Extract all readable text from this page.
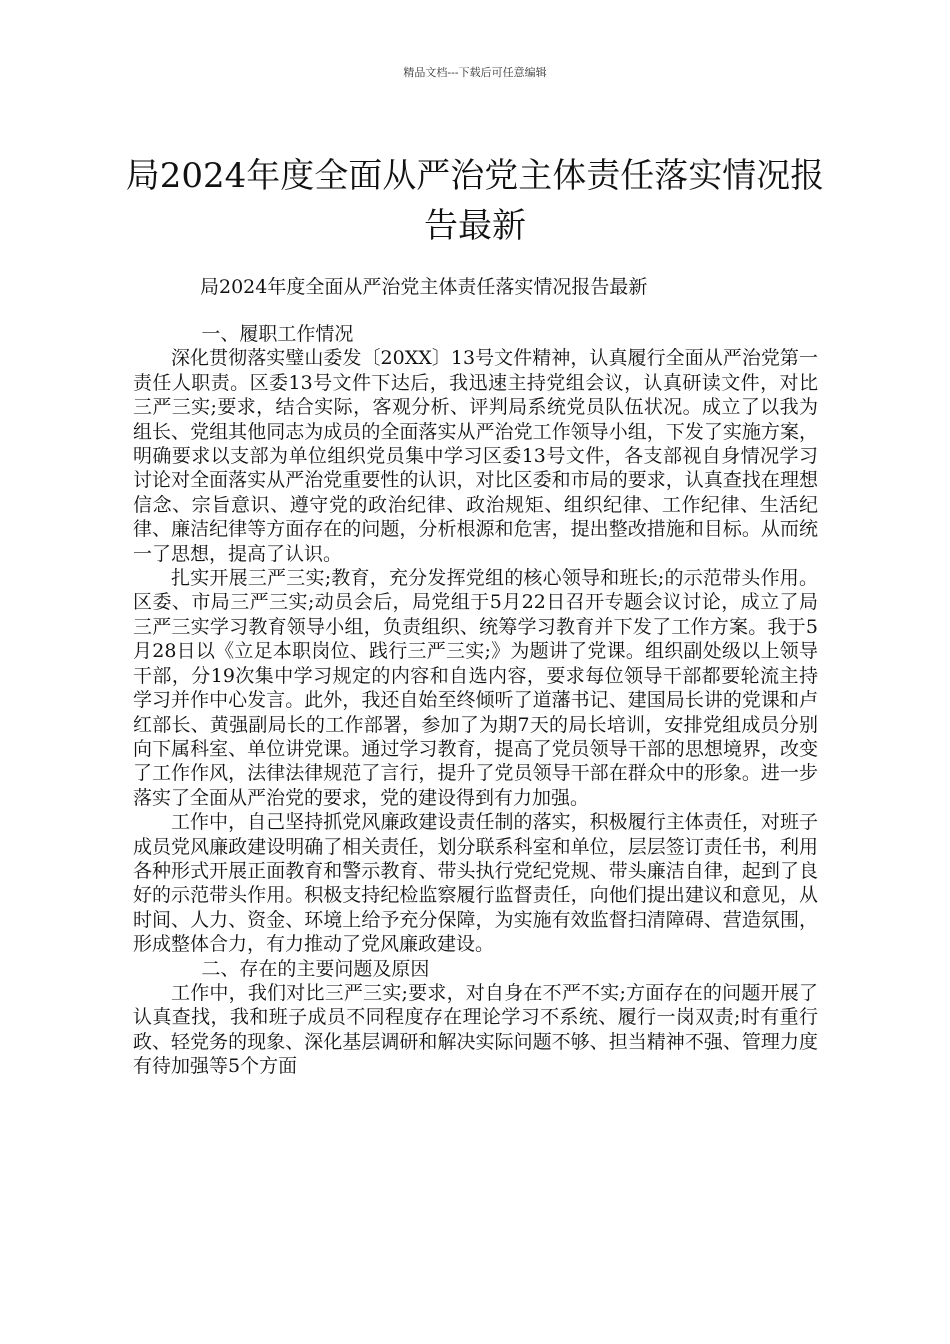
精品文档---下载后可任意编辑
局2024年度全面从严治党主体责任落实情况报告最新
局2024年度全面从严治党主体责任落实情况报告最新

一、履职工作情况

深化贯彻落实璧山委发〔20XX〕13号文件精神，认真履行全面从严治党第一责任人职责。区委13号文件下达后，我迅速主持党组会议，认真研读文件，对比三严三实;要求，结合实际，客观分析、评判局系统党员队伍状况。成立了以我为组长、党组其他同志为成员的全面落实从严治党工作领导小组，下发了实施方案，明确要求以支部为单位组织党员集中学习区委13号文件，各支部视自身情况学习讨论对全面落实从严治党重要性的认识，对比区委和市局的要求，认真查找在理想信念、宗旨意识、遵守党的政治纪律、政治规矩、组织纪律、工作纪律、生活纪律、廉洁纪律等方面存在的问题，分析根源和危害，提出整改措施和目标。从而统一了思想，提高了认识。

扎实开展三严三实;教育，充分发挥党组的核心领导和班长;的示范带头作用。区委、市局三严三实;动员会后，局党组于5月22日召开专题会议讨论，成立了局三严三实学习教育领导小组，负责组织、统筹学习教育并下发了工作方案。我于5月28日以《立足本职岗位、践行三严三实;》为题讲了党课。组织副处级以上领导干部，分19次集中学习规定的内容和自选内容，要求每位领导干部都要轮流主持学习并作中心发言。此外，我还自始至终倾听了道藩书记、建国局长讲的党课和卢红部长、黄强副局长的工作部署，参加了为期7天的局长培训，安排党组成员分别向下属科室、单位讲党课。通过学习教育，提高了党员领导干部的思想境界，改变了工作作风，法律法律规范了言行，提升了党员领导干部在群众中的形象。进一步落实了全面从严治党的要求，党的建设得到有力加强。

工作中，自己坚持抓党风廉政建设责任制的落实，积极履行主体责任，对班子成员党风廉政建设明确了相关责任，划分联系科室和单位，层层签订责任书，利用各种形式开展正面教育和警示教育、带头执行党纪党规、带头廉洁自律，起到了良好的示范带头作用。积极支持纪检监察履行监督责任，向他们提出建议和意见，从时间、人力、资金、环境上给予充分保障，为实施有效监督扫清障碍、营造氛围，形成整体合力，有力推动了党风廉政建设。

二、存在的主要问题及原因

工作中，我们对比三严三实;要求，对自身在不严不实;方面存在的问题开展了认真查找，我和班子成员不同程度存在理论学习不系统、履行一岗双责;时有重行政、轻党务的现象、深化基层调研和解决实际问题不够、担当精神不强、管理力度有待加强等5个方面
